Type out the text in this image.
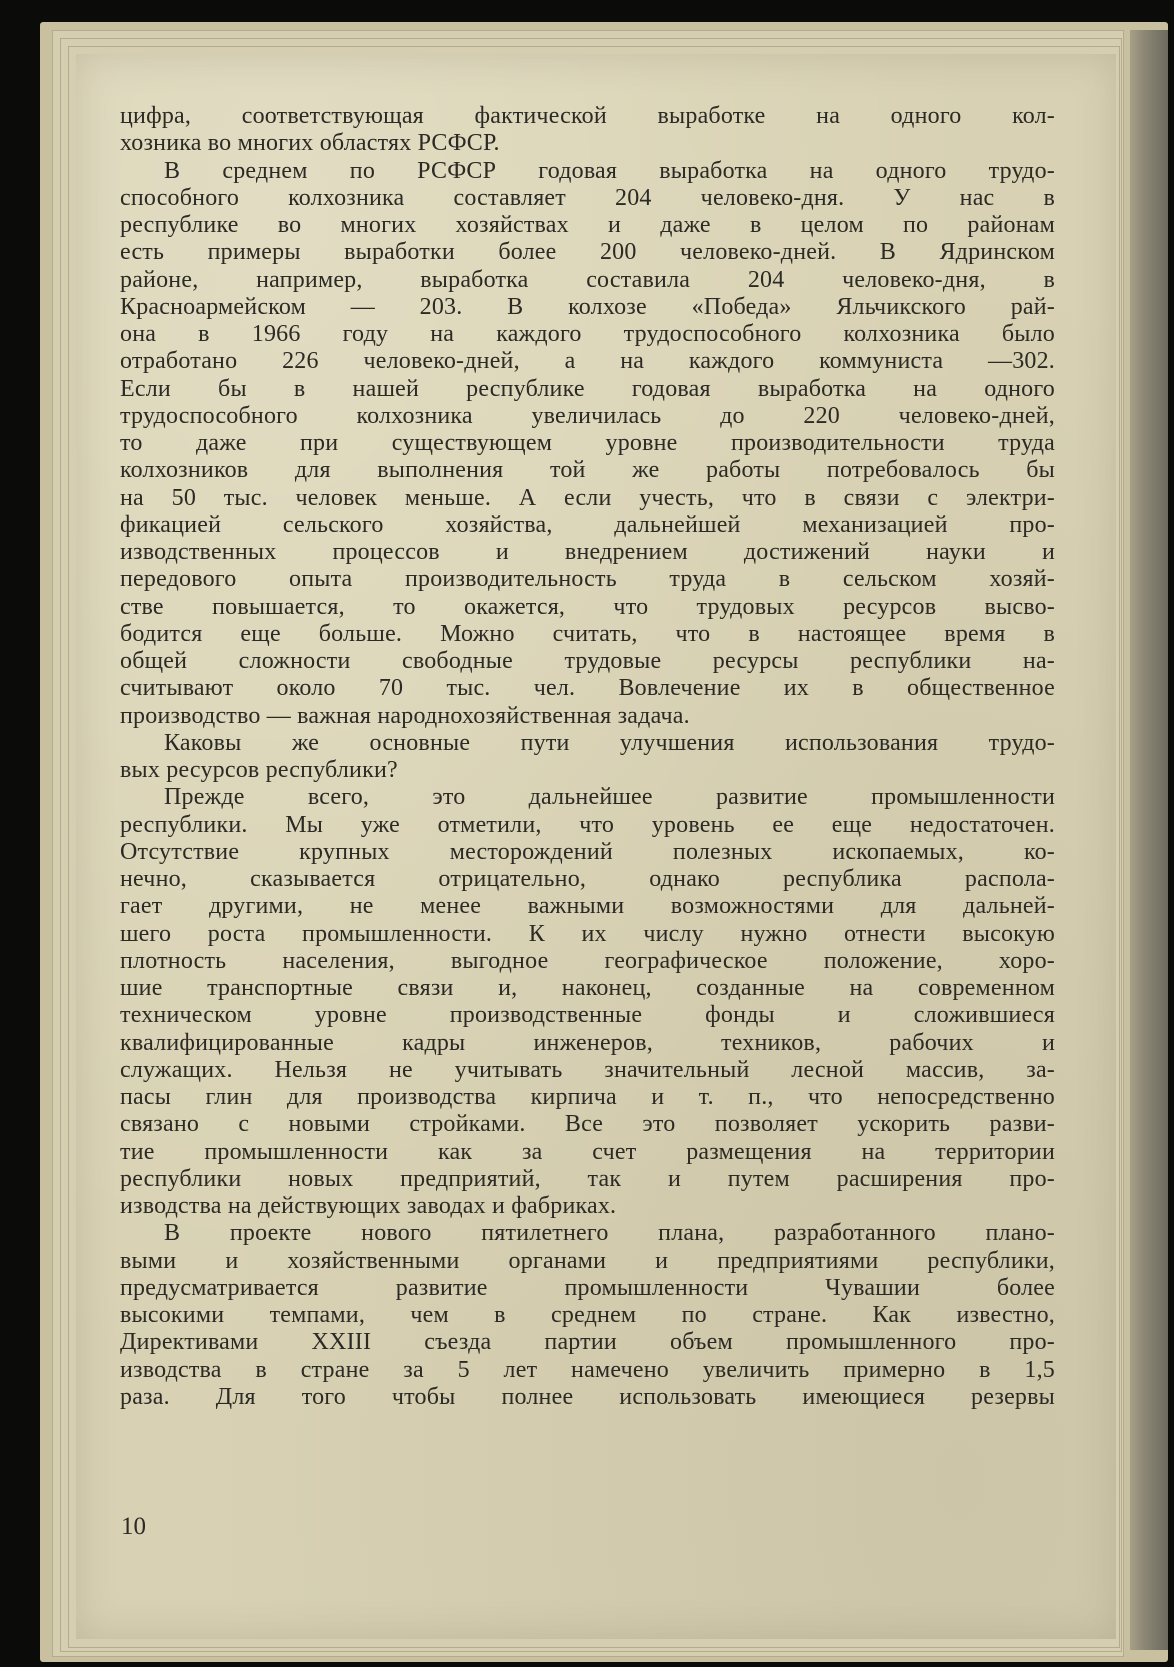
цифра, соответствующая фактической выработке на одного кол-
хозника во многих областях РСФСР.
В среднем по РСФСР годовая выработка на одного трудо-
способного колхозника составляет 204 человеко-дня. У нас в
республике во многих хозяйствах и даже в целом по районам
есть примеры выработки более 200 человеко-дней. В Ядринском
районе, например, выработка составила 204 человеко-дня, в
Красноармейском — 203. В колхозе «Победа» Яльчикского рай-
она в 1966 году на каждого трудоспособного колхозника было
отработано 226 человеко-дней, а на каждого коммуниста —302.
Если бы в нашей республике годовая выработка на одного
трудоспособного колхозника увеличилась до 220 человеко-дней,
то даже при существующем уровне производительности труда
колхозников для выполнения той же работы потребовалось бы
на 50 тыс. человек меньше. А если учесть, что в связи с электри-
фикацией сельского хозяйства, дальнейшей механизацией про-
изводственных процессов и внедрением достижений науки и
передового опыта производительность труда в сельском хозяй-
стве повышается, то окажется, что трудовых ресурсов высво-
бодится еще больше. Можно считать, что в настоящее время в
общей сложности свободные трудовые ресурсы республики на-
считывают около 70 тыс. чел. Вовлечение их в общественное
производство — важная народнохозяйственная задача.
Каковы же основные пути улучшения использования трудо-
вых ресурсов республики?
Прежде всего, это дальнейшее развитие промышленности
республики. Мы уже отметили, что уровень ее еще недостаточен.
Отсутствие крупных месторождений полезных ископаемых, ко-
нечно, сказывается отрицательно, однако республика распола-
гает другими, не менее важными возможностями для дальней-
шего роста промышленности. К их числу нужно отнести высокую
плотность населения, выгодное географическое положение, хоро-
шие транспортные связи и, наконец, созданные на современном
техническом уровне производственные фонды и сложившиеся
квалифицированные кадры инженеров, техников, рабочих и
служащих. Нельзя не учитывать значительный лесной массив, за-
пасы глин для производства кирпича и т. п., что непосредственно
связано с новыми стройками. Все это позволяет ускорить разви-
тие промышленности как за счет размещения на территории
республики новых предприятий, так и путем расширения про-
изводства на действующих заводах и фабриках.
В проекте нового пятилетнего плана, разработанного плано-
выми и хозяйственными органами и предприятиями республики,
предусматривается развитие промышленности Чувашии более
высокими темпами, чем в среднем по стране. Как известно,
Директивами XXIII съезда партии объем промышленного про-
изводства в стране за 5 лет намечено увеличить примерно в 1,5
раза. Для того чтобы полнее использовать имеющиеся резервы
10
